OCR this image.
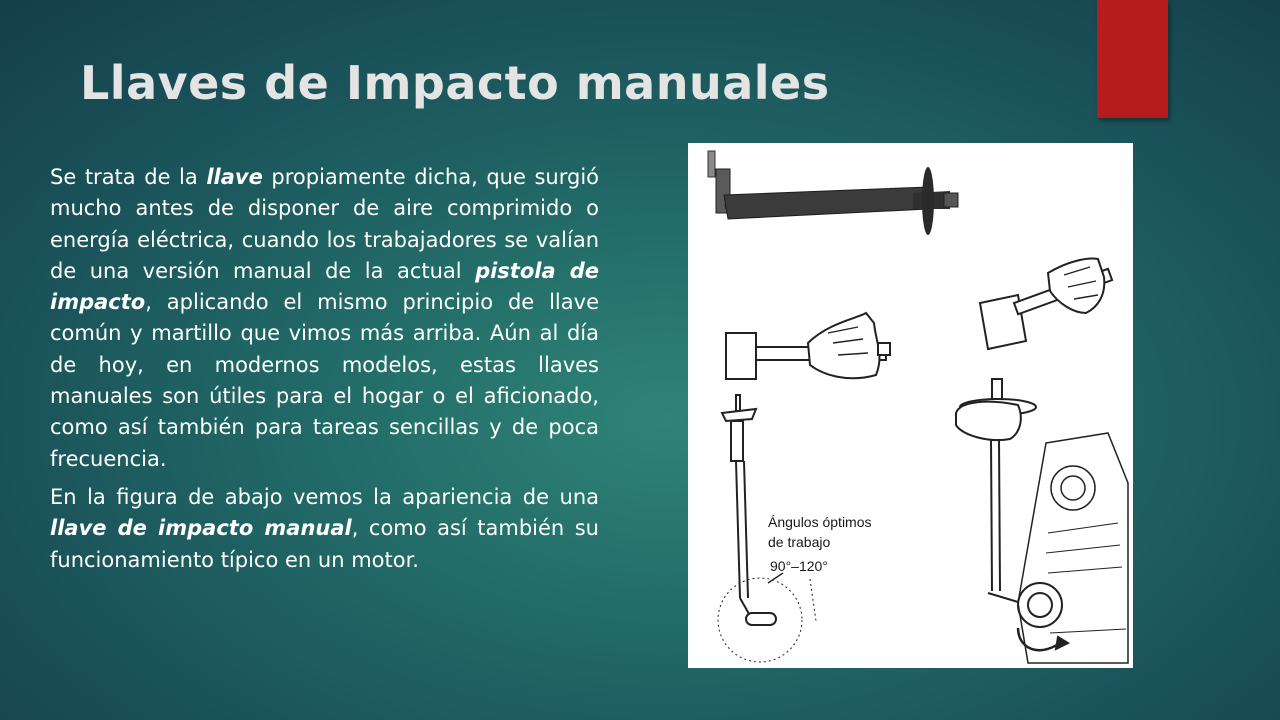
Llaves de Impacto manuales

Se trata de la llave propiamente dicha, que surgió mucho antes de disponer de aire comprimido o energía eléctrica, cuando los trabajadores se valían de una versión manual de la actual pistola de impacto, aplicando el mismo principio de llave común y martillo que vimos más arriba. Aún al día de hoy, en modernos modelos, estas llaves manuales son útiles para el hogar o el aficionado, como así también para tareas sencillas y de poca frecuencia.

En la figura de abajo vemos la apariencia de una llave de impacto manual, como así también su funcionamiento típico en un motor.

Ángulos óptimos
de trabajo
90°–120°
